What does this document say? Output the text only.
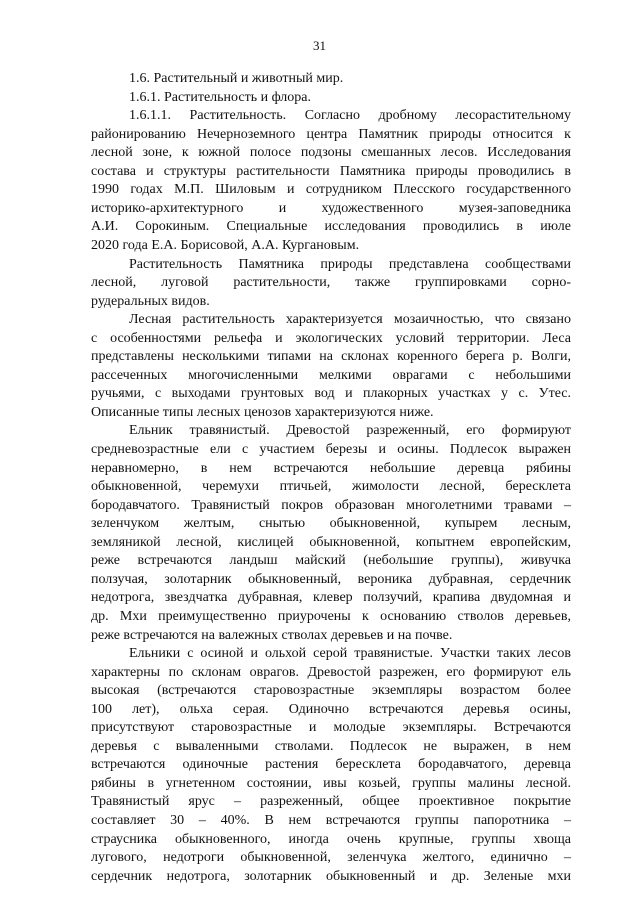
31
1.6. Растительный и животный мир.
1.6.1. Растительность и флора.
1.6.1.1. Растительность. Согласно дробному лесорастительному
районированию Нечерноземного центра Памятник природы относится к
лесной зоне, к южной полосе подзоны смешанных лесов. Исследования
состава и структуры растительности Памятника природы проводились в
1990 годах М.П. Шиловым и сотрудником Плесского государственного
историко-архитектурного и художественного музея-заповедника
А.И. Сорокиным. Специальные исследования проводились в июле
2020 года Е.А. Борисовой, А.А. Кургановым.
Растительность Памятника природы представлена сообществами
лесной, луговой растительности, также группировками сорно-
рудеральных видов.
Лесная растительность характеризуется мозаичностью, что связано
с особенностями рельефа и экологических условий территории. Леса
представлены несколькими типами на склонах коренного берега р. Волги,
рассеченных многочисленными мелкими оврагами с небольшими
ручьями, с выходами грунтовых вод и плакорных участках у с. Утес.
Описанные типы лесных ценозов характеризуются ниже.
Ельник травянистый. Древостой разреженный, его формируют
средневозрастные ели с участием березы и осины. Подлесок выражен
неравномерно, в нем встречаются небольшие деревца рябины
обыкновенной, черемухи птичьей, жимолости лесной, бересклета
бородавчатого. Травянистый покров образован многолетними травами –
зеленчуком желтым, снытью обыкновенной, купырем лесным,
земляникой лесной, кислицей обыкновенной, копытнем европейским,
реже встречаются ландыш майский (небольшие группы), живучка
ползучая, золотарник обыкновенный, вероника дубравная, сердечник
недотрога, звездчатка дубравная, клевер ползучий, крапива двудомная и
др. Мхи преимущественно приурочены к основанию стволов деревьев,
реже встречаются на валежных стволах деревьев и на почве.
Ельники с осиной и ольхой серой травянистые. Участки таких лесов
характерны по склонам оврагов. Древостой разрежен, его формируют ель
высокая (встречаются старовозрастные экземпляры возрастом более
100 лет), ольха серая. Одиночно встречаются деревья осины,
присутствуют старовозрастные и молодые экземпляры. Встречаются
деревья с вываленными стволами. Подлесок не выражен, в нем
встречаются одиночные растения бересклета бородавчатого, деревца
рябины в угнетенном состоянии, ивы козьей, группы малины лесной.
Травянистый ярус – разреженный, общее проективное покрытие
составляет 30 – 40%. В нем встречаются группы папоротника –
страусника обыкновенного, иногда очень крупные, группы хвоща
лугового, недотроги обыкновенной, зеленчука желтого, единично –
сердечник недотрога, золотарник обыкновенный и др. Зеленые мхи
